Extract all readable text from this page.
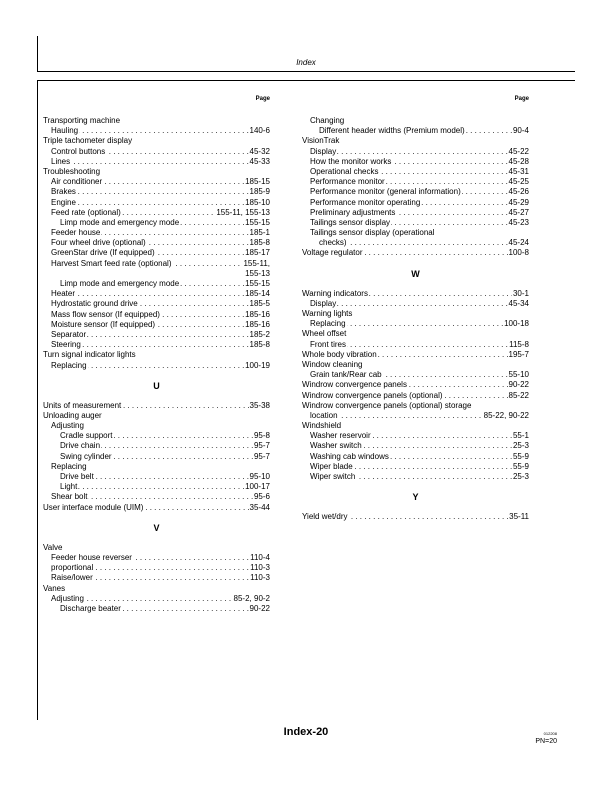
Index
Page
Transporting machine
Hauling	140-6
. . .
Triple tachometer display
Control buttons	45-32
. . .
Lines	45-33
. . .
Troubleshooting
Air conditioner	185-15
. . .
Brakes	185-9
. . .
Engine	185-10
. . .
Feed rate (optional)	155-11, 155-13
. . .
Limp mode and emergency mode	155-15
. . .
Feeder house	185-1
. . .
Four wheel drive (optional)	185-8
. . .
GreenStar drive (If equipped)	185-17
. . .
Harvest Smart feed rate (optional)	155-11,
. . .
155-13
Limp mode and emergency mode	155-15
. . .
Heater	185-14
. . .
Hydrostatic ground drive	185-5
. . .
Mass flow sensor (If equipped)	185-16
. . .
Moisture sensor (If equipped)	185-16
. . .
Separator	185-2
. . .
Steering	185-8
. . .
Turn signal indicator lights
Replacing	100-19
. . .
U
Units of measurement	35-38
. . .
Unloading auger
Adjusting
Cradle support	95-8
. . .
Drive chain	95-7
. . .
Swing cylinder	95-7
. . .
Replacing
Drive belt	95-10
. . .
Light	100-17
. . .
Shear bolt	95-6
. . .
User interface module (UIM)	35-44
. . .
V
Valve
Feeder house reverser	110-4
. . .
proportional	110-3
. . .
Raise/lower	110-3
. . .
Vanes
Adjusting	85-2, 90-2
. . .
Discharge beater	90-22
. . .
Page
Changing
Different header widths (Premium model)	90-4
. . .
VisionTrak
Display	45-22
. . .
How the monitor works	45-28
. . .
Operational checks	45-31
. . .
Performance monitor	45-25
. . .
Performance monitor (general information)	45-26
. . .
Performance monitor operating	45-29
. . .
Preliminary adjustments	45-27
. . .
Tailings sensor display	45-23
. . .
Tailings sensor display (operational
checks)	45-24
. . .
Voltage regulator	100-8
. . .
W
Warning indicators	30-1
. . .
Display	45-34
. . .
Warning lights
Replacing	100-18
. . .
Wheel offset
Front tires	115-8
. . .
Whole body vibration	195-7
. . .
Window cleaning
Grain tank/Rear cab	55-10
. . .
Windrow convergence panels	90-22
. . .
Windrow convergence panels (optional)	85-22
. . .
Windrow convergence panels (optional) storage
location	85-22, 90-22
. . .
Windshield
Washer reservoir	55-1
. . .
Washer switch	25-3
. . .
Washing cab windows	55-9
. . .
Wiper blade	55-9
. . .
Wiper switch	25-3
. . .
Y
Yield wet/dry	35-11
. . .
Index-20	012208
PN=20
